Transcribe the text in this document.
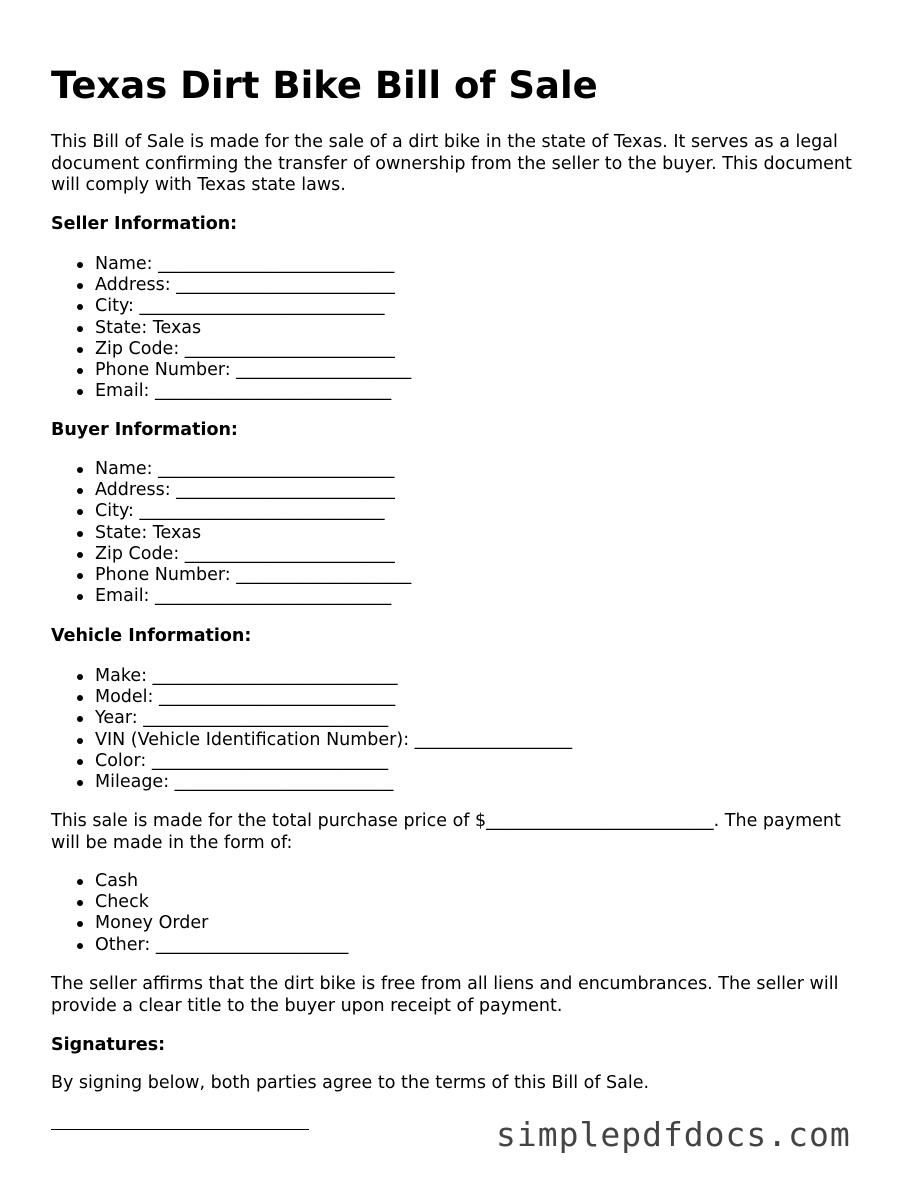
Texas Dirt Bike Bill of Sale

This Bill of Sale is made for the sale of a dirt bike in the state of Texas. It serves as a legal document confirming the transfer of ownership from the seller to the buyer. This document will comply with Texas state laws.

Seller Information:

Name: ___________________________
Address: _________________________
City: ____________________________
State: Texas
Zip Code: ________________________
Phone Number: ____________________
Email: ___________________________

Buyer Information:

Name: ___________________________
Address: _________________________
City: ____________________________
State: Texas
Zip Code: ________________________
Phone Number: ____________________
Email: ___________________________

Vehicle Information:

Make: ____________________________
Model: ___________________________
Year: ____________________________
VIN (Vehicle Identification Number): __________________
Color: ___________________________
Mileage: _________________________

This sale is made for the total purchase price of $__________________________. The payment will be made in the form of:

Cash
Check
Money Order
Other: ______________________

The seller affirms that the dirt bike is free from all liens and encumbrances. The seller will provide a clear title to the buyer upon receipt of payment.

Signatures:

By signing below, both parties agree to the terms of this Bill of Sale.

simplepdfdocs.com
